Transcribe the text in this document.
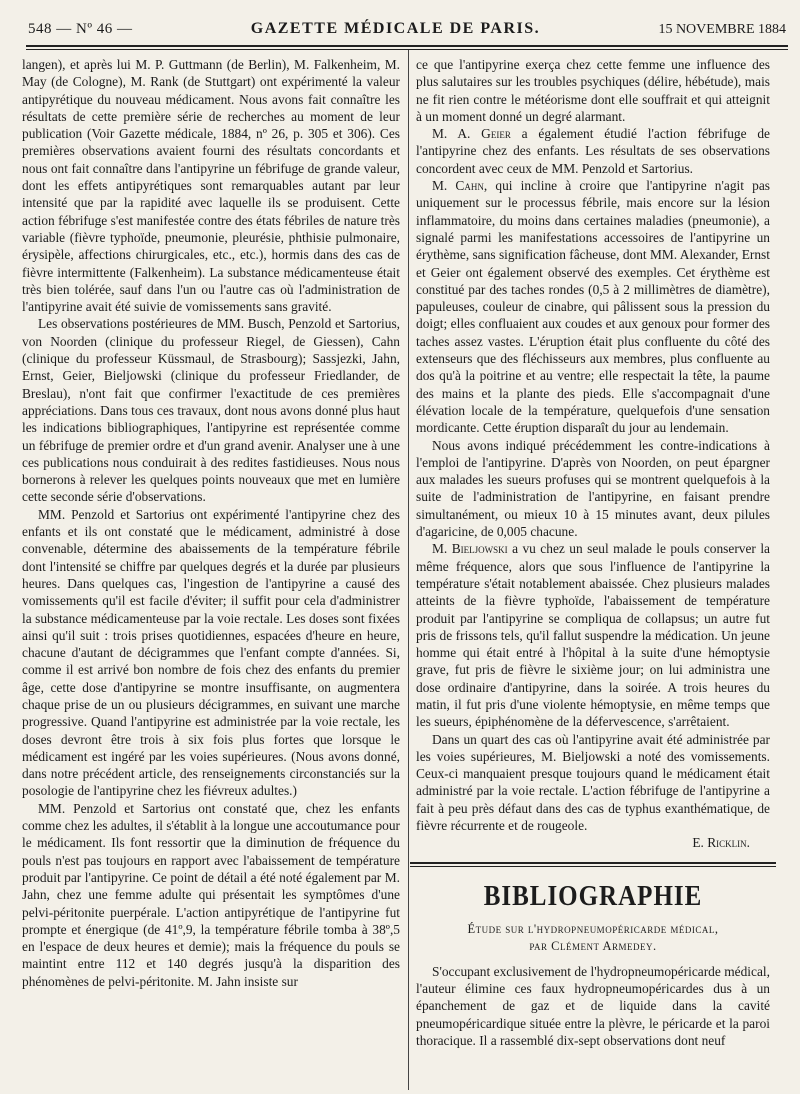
548 — Nº 46 —	GAZETTE MÉDICALE DE PARIS.	15 NOVEMBRE 1884

langen), et après lui M. P. Guttmann (de Berlin), M. Falkenheim, M. May (de Cologne), M. Rank (de Stuttgart) ont expérimenté la valeur antipyrétique du nouveau médicament. Nous avons fait connaître les résultats de cette première série de recherches au moment de leur publication (Voir Gazette médicale, 1884, nº 26, p. 305 et 306). Ces premières observations avaient fourni des résultats concordants et nous ont fait connaître dans l'antipyrine un fébrifuge de grande valeur, dont les effets antipyrétiques sont remarquables autant par leur intensité que par la rapidité avec laquelle ils se produisent. Cette action fébrifuge s'est manifestée contre des états fébriles de nature très variable (fièvre typhoïde, pneumonie, pleurésie, phthisie pulmonaire, érysipèle, affections chirurgicales, etc., etc.), hormis dans des cas de fièvre intermittente (Falkenheim). La substance médicamenteuse était très bien tolérée, sauf dans l'un ou l'autre cas où l'administration de l'antipyrine avait été suivie de vomissements sans gravité.

Les observations postérieures de MM. Busch, Penzold et Sartorius, von Noorden (clinique du professeur Riegel, de Giessen), Cahn (clinique du professeur Küssmaul, de Strasbourg); Sassjezki, Jahn, Ernst, Geier, Bieljowski (clinique du professeur Friedlander, de Breslau), n'ont fait que confirmer l'exactitude de ces premières appréciations. Dans tous ces travaux, dont nous avons donné plus haut les indications bibliographiques, l'antipyrine est représentée comme un fébrifuge de premier ordre et d'un grand avenir. Analyser une à une ces publications nous conduirait à des redites fastidieuses. Nous nous bornerons à relever les quelques points nouveaux que met en lumière cette seconde série d'observations.

MM. Penzold et Sartorius ont expérimenté l'antipyrine chez des enfants et ils ont constaté que le médicament, administré à dose convenable, détermine des abaissements de la température fébrile dont l'intensité se chiffre par quelques degrés et la durée par plusieurs heures. Dans quelques cas, l'ingestion de l'antipyrine a causé des vomissements qu'il est facile d'éviter; il suffit pour cela d'administrer la substance médicamenteuse par la voie rectale. Les doses sont fixées ainsi qu'il suit : trois prises quotidiennes, espacées d'heure en heure, chacune d'autant de décigrammes que l'enfant compte d'années. Si, comme il est arrivé bon nombre de fois chez des enfants du premier âge, cette dose d'antipyrine se montre insuffisante, on augmentera chaque prise de un ou plusieurs décigrammes, en suivant une marche progressive. Quand l'antipyrine est administrée par la voie rectale, les doses devront être trois à six fois plus fortes que lorsque le médicament est ingéré par les voies supérieures. (Nous avons donné, dans notre précédent article, des renseignements circonstanciés sur la posologie de l'antipyrine chez les fiévreux adultes.)

MM. Penzold et Sartorius ont constaté que, chez les enfants comme chez les adultes, il s'établit à la longue une accoutumance pour le médicament. Ils font ressortir que la diminution de fréquence du pouls n'est pas toujours en rapport avec l'abaissement de température produit par l'antipyrine. Ce point de détail a été noté également par M. Jahn, chez une femme adulte qui présentait les symptômes d'une pelvi-péritonite puerpérale. L'action antipyrétique de l'antipyrine fut prompte et énergique (de 41º,9, la température fébrile tomba à 38º,5 en l'espace de deux heures et demie); mais la fréquence du pouls se maintint entre 112 et 140 degrés jusqu'à la disparition des phénomènes de pelvi-péritonite. M. Jahn insiste sur

ce que l'antipyrine exerça chez cette femme une influence des plus salutaires sur les troubles psychiques (délire, hébétude), mais ne fit rien contre le météorisme dont elle souffrait et qui atteignit à un moment donné un degré alarmant.

M. A. Geier a également étudié l'action fébrifuge de l'antipyrine chez des enfants. Les résultats de ses observations concordent avec ceux de MM. Penzold et Sartorius.

M. Cahn, qui incline à croire que l'antipyrine n'agit pas uniquement sur le processus fébrile, mais encore sur la lésion inflammatoire, du moins dans certaines maladies (pneumonie), a signalé parmi les manifestations accessoires de l'antipyrine un érythème, sans signification fâcheuse, dont MM. Alexander, Ernst et Geier ont également observé des exemples. Cet érythème est constitué par des taches rondes (0,5 à 2 millimètres de diamètre), papuleuses, couleur de cinabre, qui pâlissent sous la pression du doigt; elles confluaient aux coudes et aux genoux pour former des taches assez vastes. L'éruption était plus confluente du côté des extenseurs que des fléchisseurs aux membres, plus confluente au dos qu'à la poitrine et au ventre; elle respectait la tête, la paume des mains et la plante des pieds. Elle s'accompagnait d'une élévation locale de la température, quelquefois d'une sensation mordicante. Cette éruption disparaît du jour au lendemain.

Nous avons indiqué précédemment les contre-indications à l'emploi de l'antipyrine. D'après von Noorden, on peut épargner aux malades les sueurs profuses qui se montrent quelquefois à la suite de l'administration de l'antipyrine, en faisant prendre simultanément, ou mieux 10 à 15 minutes avant, deux pilules d'agaricine, de 0,005 chacune.

M. Bieljowski a vu chez un seul malade le pouls conserver la même fréquence, alors que sous l'influence de l'antipyrine la température s'était notablement abaissée. Chez plusieurs malades atteints de la fièvre typhoïde, l'abaissement de température produit par l'antipyrine se compliqua de collapsus; un autre fut pris de frissons tels, qu'il fallut suspendre la médication. Un jeune homme qui était entré à l'hôpital à la suite d'une hémoptysie grave, fut pris de fièvre le sixième jour; on lui administra une dose ordinaire d'antipyrine, dans la soirée. A trois heures du matin, il fut pris d'une violente hémoptysie, en même temps que les sueurs, épiphénomène de la défervescence, s'arrêtaient.

Dans un quart des cas où l'antipyrine avait été administrée par les voies supérieures, M. Bieljowski a noté des vomissements. Ceux-ci manquaient presque toujours quand le médicament était administré par la voie rectale. L'action fébrifuge de l'antipyrine a fait à peu près défaut dans des cas de typhus exanthématique, de fièvre récurrente et de rougeole.

E. Ricklin.
BIBLIOGRAPHIE
Étude sur l'hydropneumopéricarde médical,
par Clément Armedey.

S'occupant exclusivement de l'hydropneumopéricarde médical, l'auteur élimine ces faux hydropneumopéricardes dus à un épanchement de gaz et de liquide dans la cavité pneumopéricardique située entre la plèvre, le péricarde et la paroi thoracique. Il a rassemblé dix-sept observations dont neuf
